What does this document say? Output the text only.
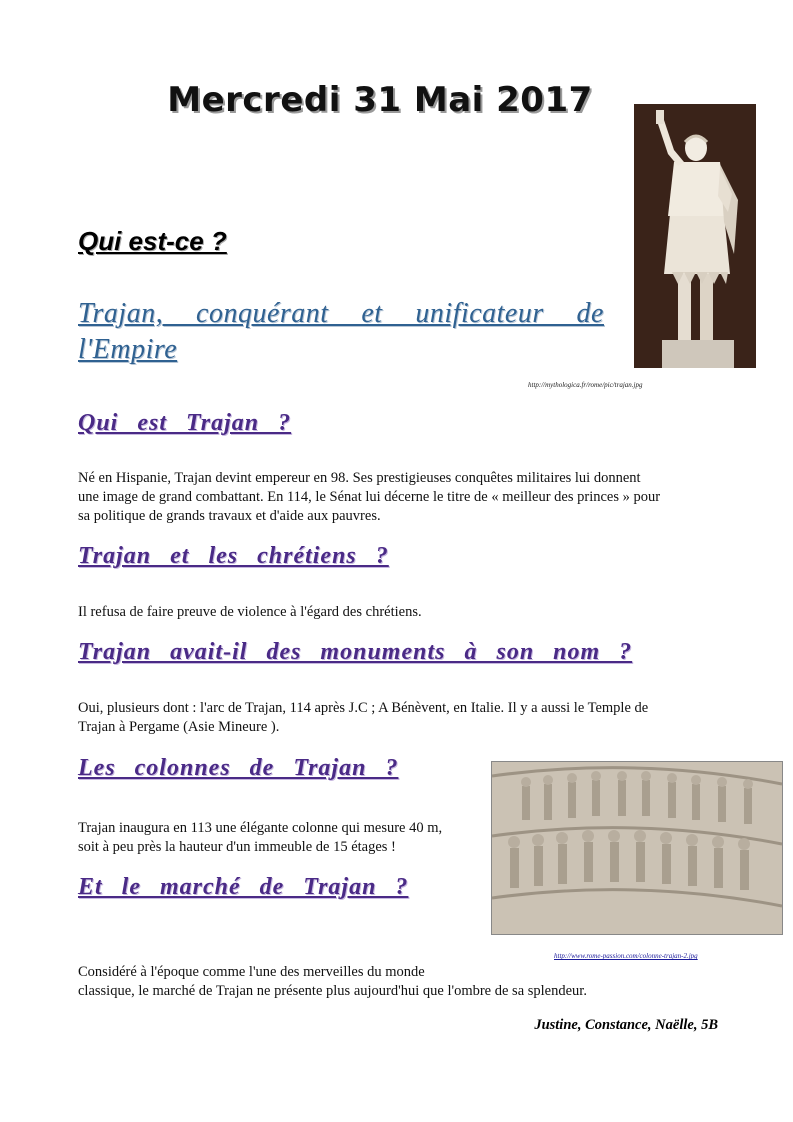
Mercredi 31 Mai 2017
Qui est-ce ?
Trajan, conquérant et unificateur de l'Empire
http://mythologica.fr/rome/pic/trajan.jpg
Qui est Trajan ?
Né en Hispanie, Trajan devint empereur en 98. Ses prestigieuses conquêtes militaires lui donnent
une image de grand combattant. En 114, le Sénat lui décerne le titre de « meilleur des princes » pour
sa politique de grands travaux et d'aide aux pauvres.
Trajan et les chrétiens ?
Il refusa de faire preuve de violence à l'égard des chrétiens.
Trajan avait-il des monuments à son nom ?
Oui, plusieurs dont : l'arc de Trajan, 114 après J.C ; A Bénèvent, en Italie. Il y a aussi le Temple de
Trajan à Pergame (Asie Mineure ).
Les colonnes de Trajan ?
Trajan inaugura en 113 une élégante colonne qui mesure 40 m,
soit à peu près la hauteur d'un immeuble de 15 étages !
Et le marché de Trajan ?
http://www.rome-passion.com/colonne-trajan-2.jpg
Considéré à l'époque comme l'une des merveilles du monde
classique, le marché de Trajan ne présente plus aujourd'hui que l'ombre de sa splendeur.
Justine, Constance, Naëlle, 5B
